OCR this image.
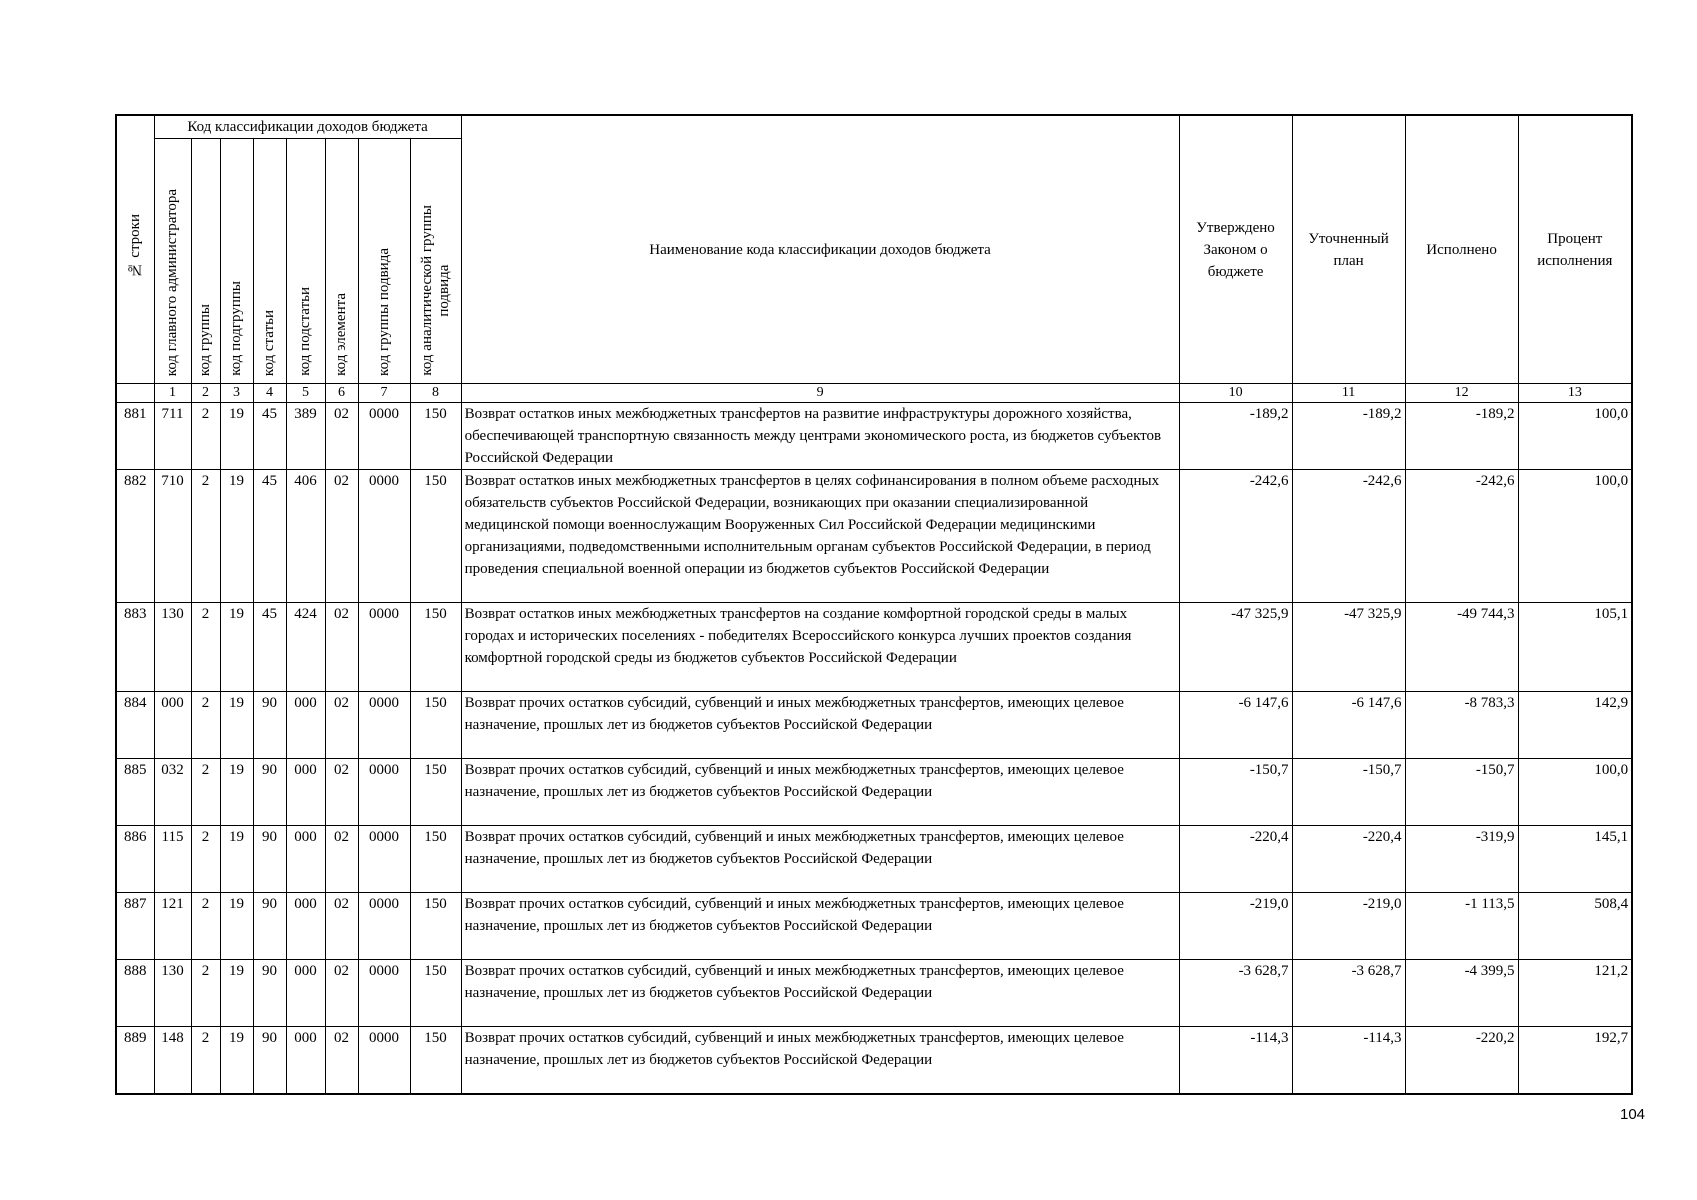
№ строки	Код классификации доходов бюджета								Наименование кода классификации доходов бюджета	Утверждено Законом о бюджете	Уточненный план	Исполнено	Процент исполнения
	код главного администратора	код группы	код подгруппы	код статьи	код подстатьи	код элемента	код группы подвида	код аналитической группы
подвида					
	1	2	3	4	5	6	7	8	9	10	11	12	13
881	711	2	19	45	389	02	0000	150	Возврат остатков иных межбюджетных трансфертов на развитие инфраструктуры дорожного хозяйства, обеспечивающей транспортную связанность между центрами экономического роста, из бюджетов субъектов Российской Федерации	-189,2	-189,2	-189,2	100,0
882	710	2	19	45	406	02	0000	150	Возврат остатков иных межбюджетных трансфертов в целях софинансирования в полном объеме расходных обязательств субъектов Российской Федерации, возникающих при оказании специализированной медицинской помощи военнослужащим Вооруженных Сил Российской Федерации медицинскими организациями, подведомственными исполнительным органам субъектов Российской Федерации, в период проведения специальной военной операции из бюджетов субъектов Российской Федерации	-242,6	-242,6	-242,6	100,0
883	130	2	19	45	424	02	0000	150	Возврат остатков иных межбюджетных трансфертов на создание комфортной городской среды в малых городах и исторических поселениях - победителях Всероссийского конкурса лучших проектов создания комфортной городской среды из бюджетов субъектов Российской Федерации	-47 325,9	-47 325,9	-49 744,3	105,1
884	000	2	19	90	000	02	0000	150	Возврат прочих остатков субсидий, субвенций и иных межбюджетных трансфертов, имеющих целевое назначение, прошлых лет из бюджетов субъектов Российской Федерации	-6 147,6	-6 147,6	-8 783,3	142,9
885	032	2	19	90	000	02	0000	150	Возврат прочих остатков субсидий, субвенций и иных межбюджетных трансфертов, имеющих целевое назначение, прошлых лет из бюджетов субъектов Российской Федерации	-150,7	-150,7	-150,7	100,0
886	115	2	19	90	000	02	0000	150	Возврат прочих остатков субсидий, субвенций и иных межбюджетных трансфертов, имеющих целевое назначение, прошлых лет из бюджетов субъектов Российской Федерации	-220,4	-220,4	-319,9	145,1
887	121	2	19	90	000	02	0000	150	Возврат прочих остатков субсидий, субвенций и иных межбюджетных трансфертов, имеющих целевое назначение, прошлых лет из бюджетов субъектов Российской Федерации	-219,0	-219,0	-1 113,5	508,4
888	130	2	19	90	000	02	0000	150	Возврат прочих остатков субсидий, субвенций и иных межбюджетных трансфертов, имеющих целевое назначение, прошлых лет из бюджетов субъектов Российской Федерации	-3 628,7	-3 628,7	-4 399,5	121,2
889	148	2	19	90	000	02	0000	150	Возврат прочих остатков субсидий, субвенций и иных межбюджетных трансфертов, имеющих целевое назначение, прошлых лет из бюджетов субъектов Российской Федерации	-114,3	-114,3	-220,2	192,7
104
